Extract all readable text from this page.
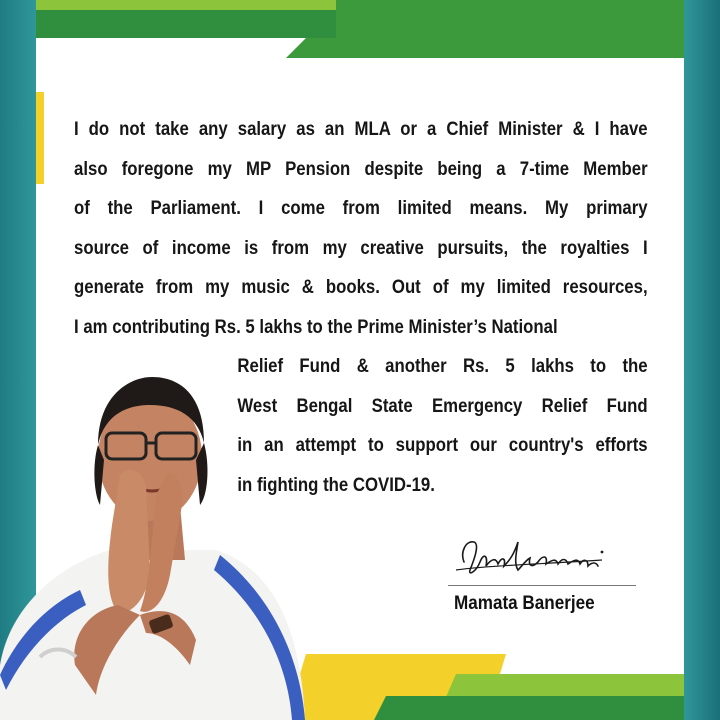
I do not take any salary as an MLA or a Chief Minister & I have
also foregone my MP Pension despite being a 7-time Member
of the Parliament. I come from limited means. My primary
source of income is from my creative pursuits, the royalties I
generate from my music & books. Out of my limited resources,
I am contributing Rs. 5 lakhs to the Prime Minister’s National
Relief Fund & another Rs. 5 lakhs to the
West Bengal State Emergency Relief Fund
in an attempt to support our country's efforts
in fighting the COVID-19.
Mamata Banerjee
